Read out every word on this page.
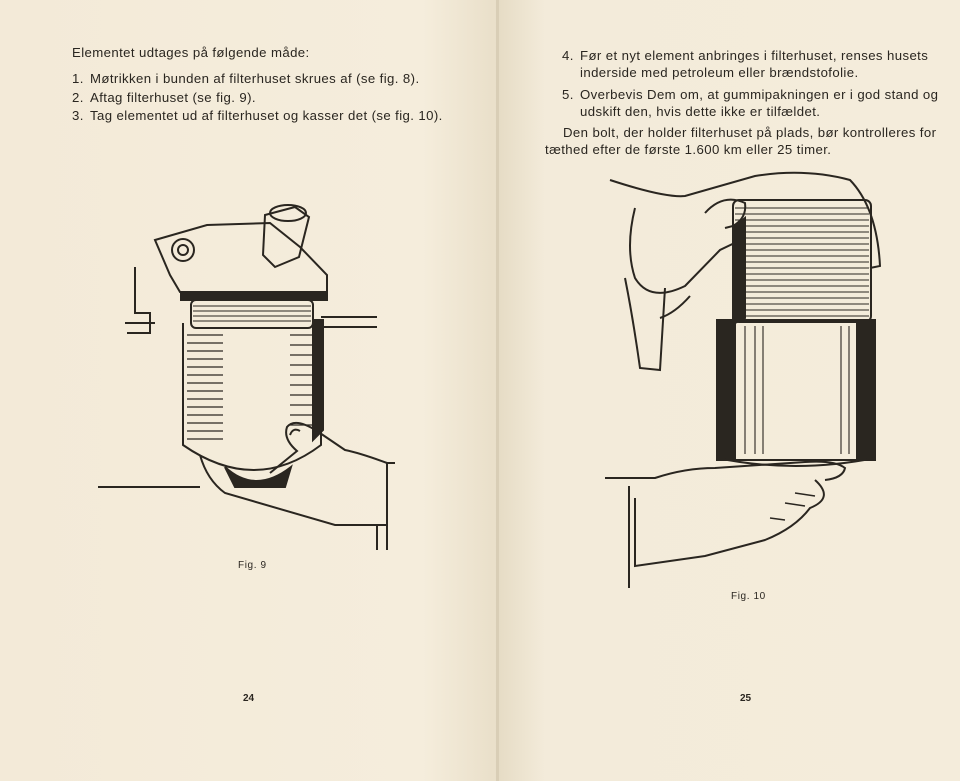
Elementet udtages på følgende måde:
1. Møtrikken i bunden af filterhuset skrues af (se fig. 8).
2. Aftag filterhuset (se fig. 9).
3. Tag elementet ud af filterhuset og kasser det (se fig. 10).
Fig. 9
24
4. Før et nyt element anbringes i filterhuset, renses husets inderside med petroleum eller brændstofolie.
5. Overbevis Dem om, at gummipakningen er i god stand og udskift den, hvis dette ikke er tilfældet.
Den bolt, der holder filterhuset på plads, bør kontrolleres for tæthed efter de første 1.600 km eller 25 timer.
Fig. 10
25
